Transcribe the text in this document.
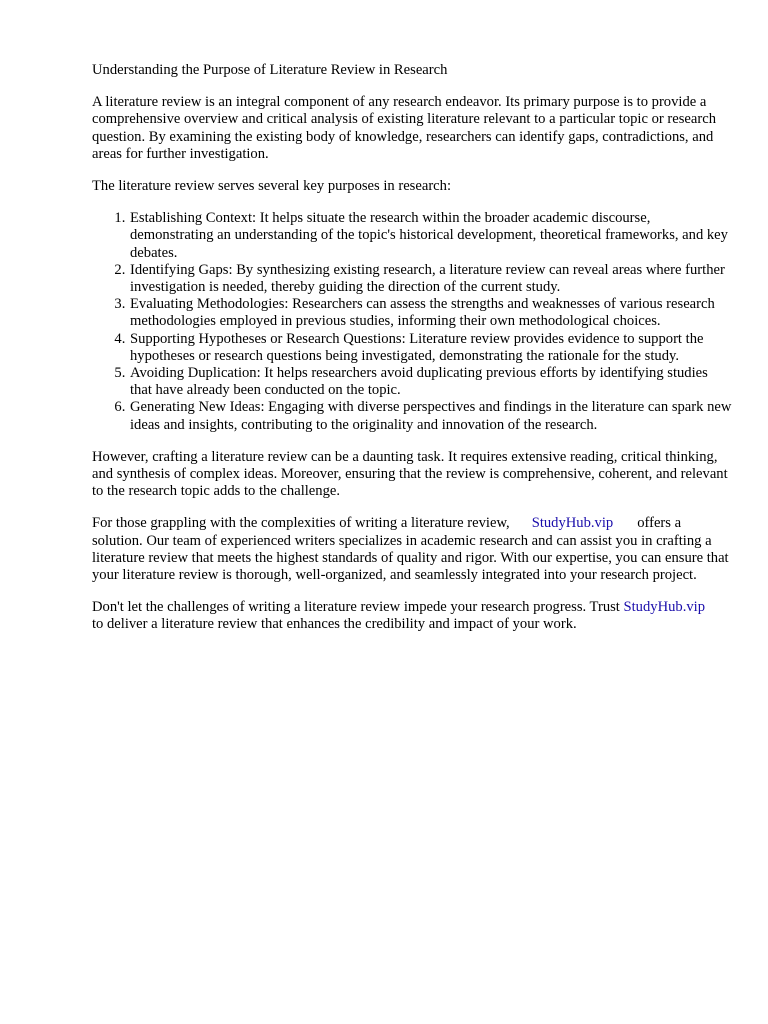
Understanding the Purpose of Literature Review in Research

A literature review is an integral component of any research endeavor. Its primary purpose is to provide a comprehensive overview and critical analysis of existing literature relevant to a particular topic or research question. By examining the existing body of knowledge, researchers can identify gaps, contradictions, and areas for further investigation.

The literature review serves several key purposes in research:

1. Establishing Context: It helps situate the research within the broader academic discourse, demonstrating an understanding of the topic's historical development, theoretical frameworks, and key debates.
2. Identifying Gaps: By synthesizing existing research, a literature review can reveal areas where further investigation is needed, thereby guiding the direction of the current study.
3. Evaluating Methodologies: Researchers can assess the strengths and weaknesses of various research methodologies employed in previous studies, informing their own methodological choices.
4. Supporting Hypotheses or Research Questions: Literature review provides evidence to support the hypotheses or research questions being investigated, demonstrating the rationale for the study.
5. Avoiding Duplication: It helps researchers avoid duplicating previous efforts by identifying studies that have already been conducted on the topic.
6. Generating New Ideas: Engaging with diverse perspectives and findings in the literature can spark new ideas and insights, contributing to the originality and innovation of the research.

However, crafting a literature review can be a daunting task. It requires extensive reading, critical thinking, and synthesis of complex ideas. Moreover, ensuring that the review is comprehensive, coherent, and relevant to the research topic adds to the challenge.

For those grappling with the complexities of writing a literature review, StudyHub.vip offers a solution. Our team of experienced writers specializes in academic research and can assist you in crafting a literature review that meets the highest standards of quality and rigor. With our expertise, you can ensure that your literature review is thorough, well-organized, and seamlessly integrated into your research project.

Don't let the challenges of writing a literature review impede your research progress. Trust StudyHub.vipto deliver a literature review that enhances the credibility and impact of your work.
